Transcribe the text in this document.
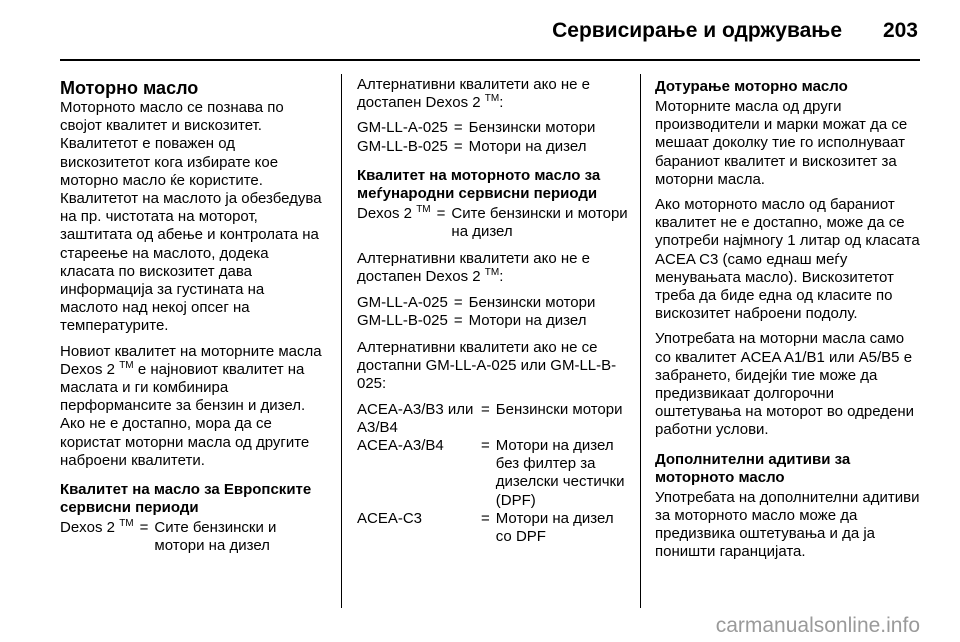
Сервисирање и одржување 203
Моторно масло

Моторното масло се познава по својот квалитет и вискозитет. Квалитетот е поважен од вискозитетот кога избирате кое моторно масло ќе користите. Квалитетот на маслото ја обезбедува на пр. чистотата на моторот, заштитата од абење и контролата на стареење на маслото, додека класата по вискозитет дава информација за густината на маслото над некој опсег на температурите.

Новиот квалитет на моторните масла Dexos 2 ™ е најновиот квалитет на маслата и ги комбинира перформансите за бензин и дизел. Ако не е достапно, мора да се користат моторни масла од другите наброени квалитети.

Квалитет на масло за Европските сервисни периоди
Dexos 2 ™	=	Сите бензински и мотори на дизел

Алтернативни квалитети ако не е достапен Dexos 2 ™:

GM-LL-A-025	=	Бензински мотори
GM-LL-B-025	=	Мотори на дизел
Квалитет на моторното масло за меѓународни сервисни периоди
Dexos 2 ™	=	Сите бензински и мотори на дизел

Алтернативни квалитети ако не е достапен Dexos 2 ™:

GM-LL-A-025	=	Бензински мотори
GM-LL-B-025	=	Мотори на дизел

Алтернативни квалитети ако не се достапни GM-LL-A-025 или GM-LL-B-025:

ACEA-A3/B3 или A3/B4	=	Бензински мотори
ACEA-A3/B4	=	Мотори на дизел без филтер за дизелски честички (DPF)
ACEA-C3	=	Мотори на дизел со DPF
Дотурање моторно масло

Моторните масла од други производители и марки можат да се мешаат доколку тие го исполнуваат бараниот квалитет и вискозитет за моторни масла.

Ако моторното масло од бараниот квалитет не е достапно, може да се употреби најмногу 1 литар од класата ACEA C3 (само еднаш меѓу менувањата масло). Вискозитетот треба да биде една од класите по вискозитет наброени подолу.

Употребата на моторни масла само со квалитет ACEA A1/B1 или A5/B5 е забрането, бидејќи тие може да предизвикаат долгорочни оштетувања на моторот во одредени работни услови.

Дополнителни адитиви за моторното масло

Употребата на дополнителни адитиви за моторното масло може да предизвика оштетувања и да ја поништи гаранцијата.

carmanualsonline.info
